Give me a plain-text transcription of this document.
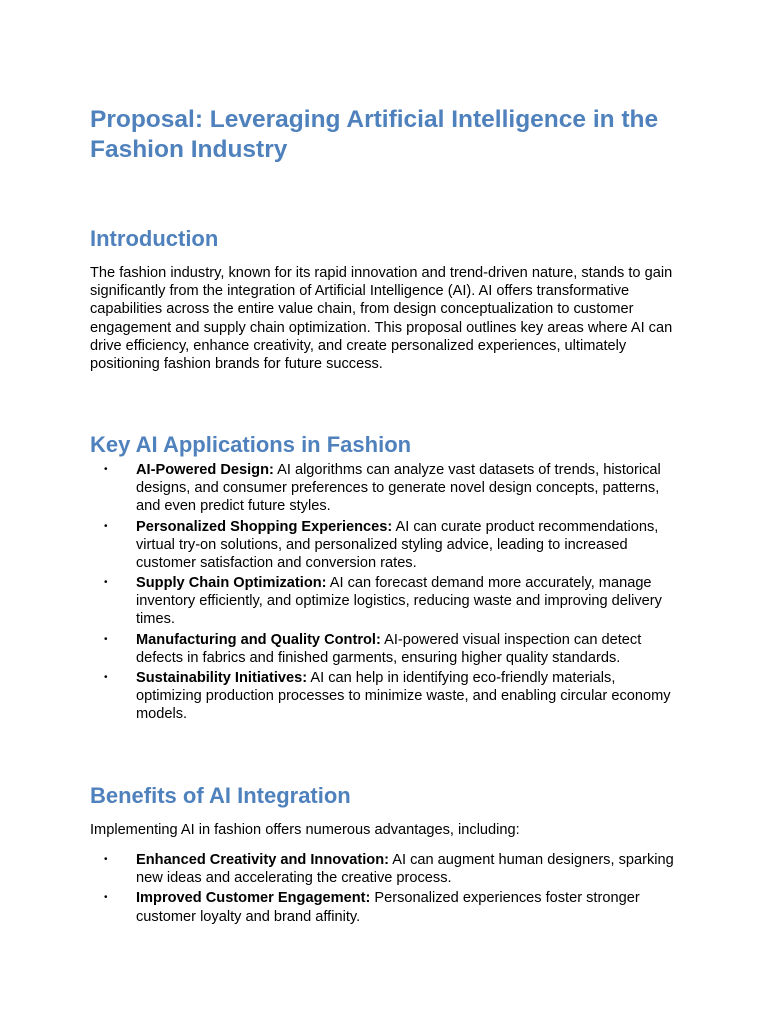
Proposal: Leveraging Artificial Intelligence in the Fashion Industry
Introduction

The fashion industry, known for its rapid innovation and trend-driven nature, stands to gain significantly from the integration of Artificial Intelligence (AI). AI offers transformative capabilities across the entire value chain, from design conceptualization to customer engagement and supply chain optimization. This proposal outlines key areas where AI can drive efficiency, enhance creativity, and create personalized experiences, ultimately positioning fashion brands for future success.

Key AI Applications in Fashion
• AI-Powered Design: AI algorithms can analyze vast datasets of trends, historical designs, and consumer preferences to generate novel design concepts, patterns, and even predict future styles.
• Personalized Shopping Experiences: AI can curate product recommendations, virtual try-on solutions, and personalized styling advice, leading to increased customer satisfaction and conversion rates.
• Supply Chain Optimization: AI can forecast demand more accurately, manage inventory efficiently, and optimize logistics, reducing waste and improving delivery times.
• Manufacturing and Quality Control: AI-powered visual inspection can detect defects in fabrics and finished garments, ensuring higher quality standards.
• Sustainability Initiatives: AI can help in identifying eco-friendly materials, optimizing production processes to minimize waste, and enabling circular economy models.
Benefits of AI Integration

Implementing AI in fashion offers numerous advantages, including:

• Enhanced Creativity and Innovation: AI can augment human designers, sparking new ideas and accelerating the creative process.
• Improved Customer Engagement: Personalized experiences foster stronger customer loyalty and brand affinity.
